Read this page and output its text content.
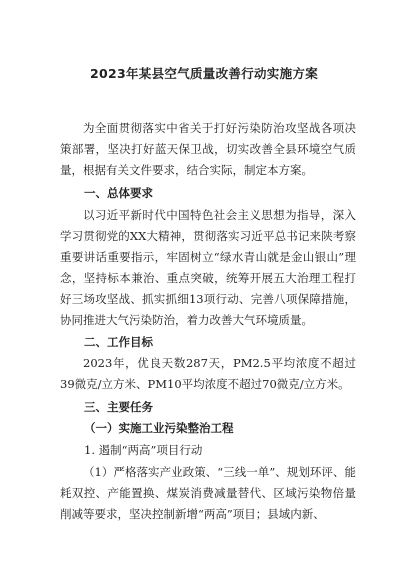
2023年某县空气质量改善行动实施方案

为全面贯彻落实中省关于打好污染防治攻坚战各项决策部署，坚决打好蓝天保卫战，切实改善全县环境空气质量，根据有关文件要求，结合实际，制定本方案。

一、总体要求

以习近平新时代中国特色社会主义思想为指导，深入学习贯彻党的XX大精神，贯彻落实习近平总书记来陕考察重要讲话重要指示，牢固树立“绿水青山就是金山银山”理念，坚持标本兼治、重点突破，统筹开展五大治理工程打好三场攻坚战、抓实抓细13项行动、完善八项保障措施，协同推进大气污染防治，着力改善大气环境质量。

二、工作目标

2023年，优良天数287天，PM2.5平均浓度不超过39微克/立方米、PM10平均浓度不超过70微克/立方米。

三、主要任务
（一）实施工业污染整治工程
1. 遏制“两高”项目行动

（1）严格落实产业政策、“三线一单”、规划环评、能耗双控、产能置换、煤炭消费减量替代、区域污染物倍量削减等要求，坚决控制新增“两高”项目；县域内新、
